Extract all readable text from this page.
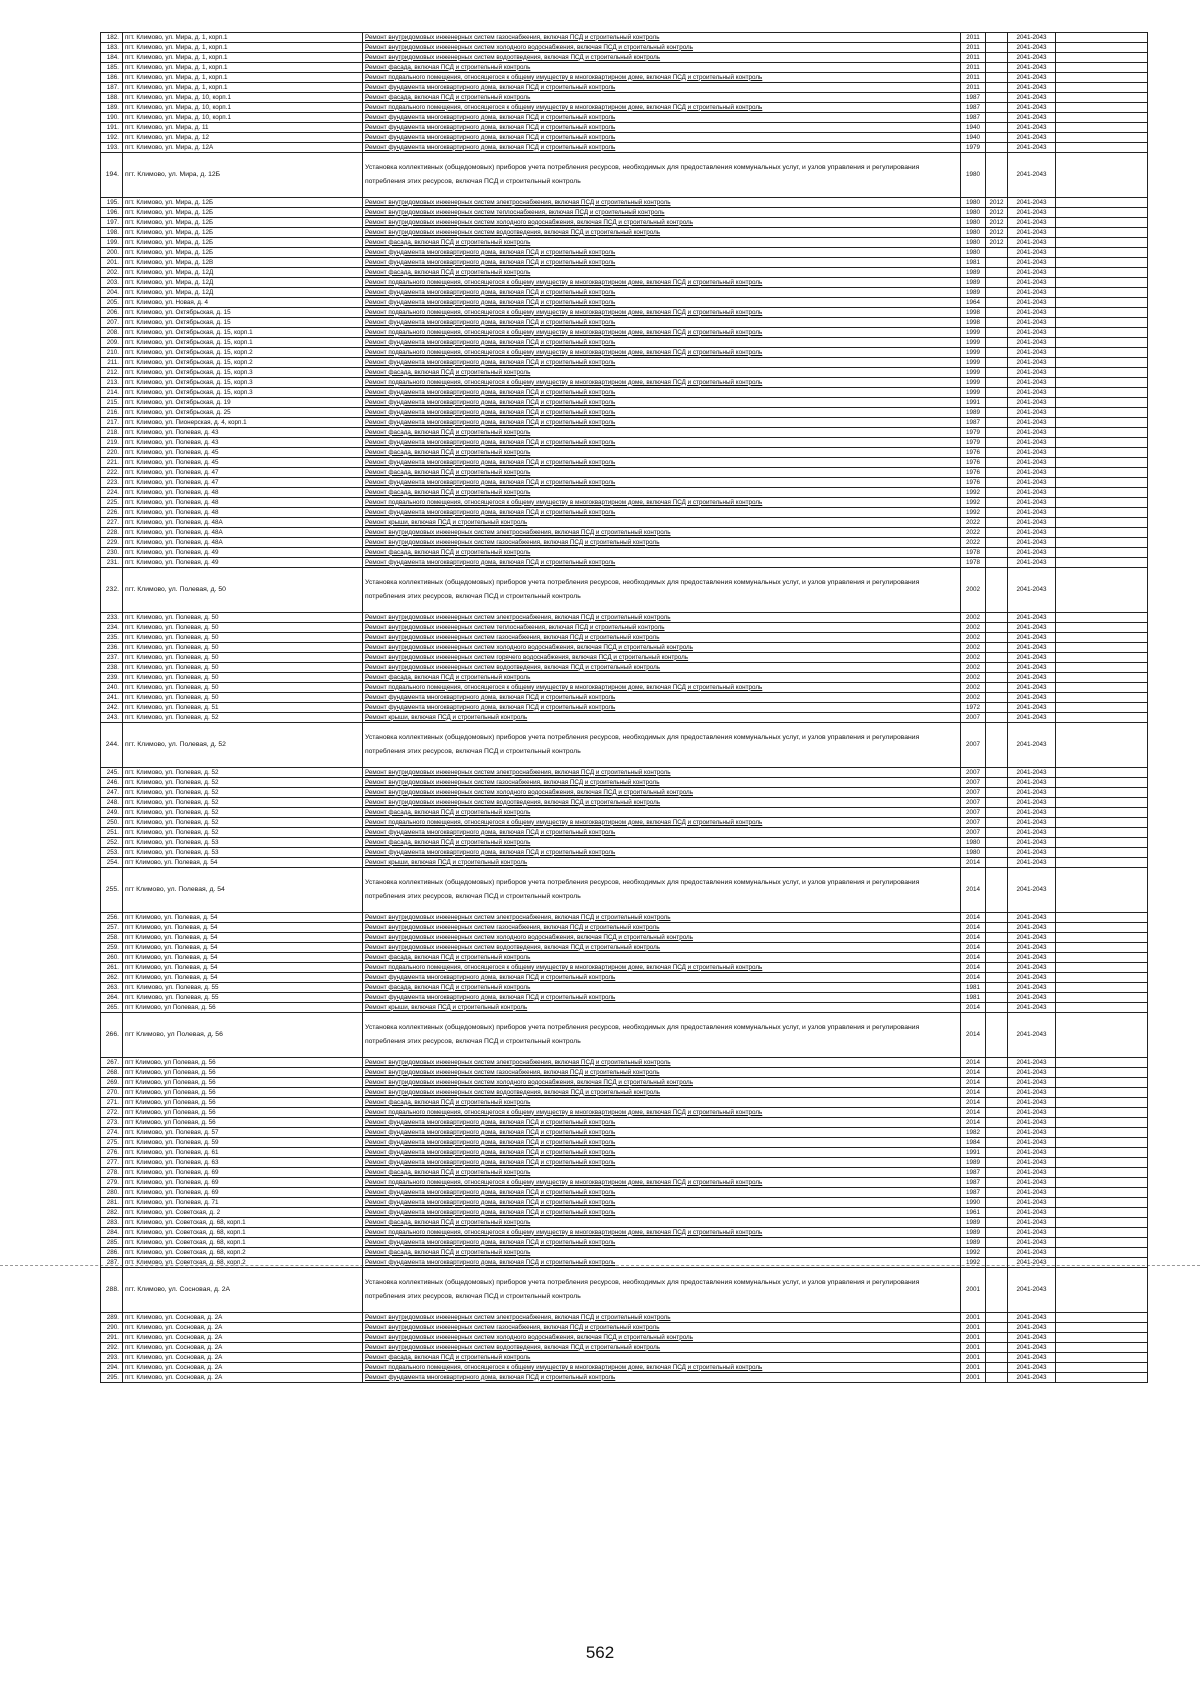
182.	пгт. Климово, ул. Мира, д. 1, корп.1	Ремонт внутридомовых инженерных систем газоснабжения, включая ПСД и строительный контроль	2011		2041-2043	
183.	пгт. Климово, ул. Мира, д. 1, корп.1	Ремонт внутридомовых инженерных систем холодного водоснабжения, включая ПСД и строительный контроль	2011		2041-2043	
184.	пгт. Климово, ул. Мира, д. 1, корп.1	Ремонт внутридомовых инженерных систем водоотведения, включая ПСД и строительный контроль	2011		2041-2043	
185.	пгт. Климово, ул. Мира, д. 1, корп.1	Ремонт фасада, включая ПСД и строительный контроль	2011		2041-2043	
186.	пгт. Климово, ул. Мира, д. 1, корп.1	Ремонт подвального помещения, относящегося к общему имуществу в многоквартирном доме, включая ПСД и строительный контроль	2011		2041-2043	
187.	пгт. Климово, ул. Мира, д. 1, корп.1	Ремонт фундамента многоквартирного дома, включая ПСД и строительный контроль	2011		2041-2043	
188.	пгт. Климово, ул. Мира, д. 10, корп.1	Ремонт фасада, включая ПСД и строительный контроль	1987		2041-2043	
189.	пгт. Климово, ул. Мира, д. 10, корп.1	Ремонт подвального помещения, относящегося к общему имуществу в многоквартирном доме, включая ПСД и строительный контроль	1987		2041-2043	
190.	пгт. Климово, ул. Мира, д. 10, корп.1	Ремонт фундамента многоквартирного дома, включая ПСД и строительный контроль	1987		2041-2043	
191.	пгт. Климово, ул. Мира, д. 11	Ремонт фундамента многоквартирного дома, включая ПСД и строительный контроль	1940		2041-2043	
192.	пгт. Климово, ул. Мира, д. 12	Ремонт фундамента многоквартирного дома, включая ПСД и строительный контроль	1940		2041-2043	
193.	пгт. Климово, ул. Мира, д. 12А	Ремонт фундамента многоквартирного дома, включая ПСД и строительный контроль	1979		2041-2043	
194.	пгт. Климово, ул. Мира, д. 12Б	Установка коллективных (общедомовых) приборов учета потребления ресурсов, необходимых для предоставления коммунальных услуг, и узлов управления и регулирования потребления этих ресурсов, включая ПСД и строительный контроль	1980		2041-2043	
195.	пгт. Климово, ул. Мира, д. 12Б	Ремонт внутридомовых инженерных систем электроснабжения, включая ПСД и строительный контроль	1980	2012	2041-2043	
196.	пгт. Климово, ул. Мира, д. 12Б	Ремонт внутридомовых инженерных систем теплоснабжения, включая ПСД и строительный контроль	1980	2012	2041-2043	
197.	пгт. Климово, ул. Мира, д. 12Б	Ремонт внутридомовых инженерных систем холодного водоснабжения, включая ПСД и строительный контроль	1980	2012	2041-2043	
198.	пгт. Климово, ул. Мира, д. 12Б	Ремонт внутридомовых инженерных систем водоотведения, включая ПСД и строительный контроль	1980	2012	2041-2043	
199.	пгт. Климово, ул. Мира, д. 12Б	Ремонт фасада, включая ПСД и строительный контроль	1980	2012	2041-2043	
200.	пгт. Климово, ул. Мира, д. 12Б	Ремонт фундамента многоквартирного дома, включая ПСД и строительный контроль	1980		2041-2043	
201.	пгт. Климово, ул. Мира, д. 12В	Ремонт фундамента многоквартирного дома, включая ПСД и строительный контроль	1981		2041-2043	
202.	пгт. Климово, ул. Мира, д. 12Д	Ремонт фасада, включая ПСД и строительный контроль	1989		2041-2043	
203.	пгт. Климово, ул. Мира, д. 12Д	Ремонт подвального помещения, относящегося к общему имуществу в многоквартирном доме, включая ПСД и строительный контроль	1989		2041-2043	
204.	пгт. Климово, ул. Мира, д. 12Д	Ремонт фундамента многоквартирного дома, включая ПСД и строительный контроль	1989		2041-2043	
205.	пгт. Климово, ул. Новая, д. 4	Ремонт фундамента многоквартирного дома, включая ПСД и строительный контроль	1964		2041-2043	
206.	пгт. Климово, ул. Октябрьская, д. 15	Ремонт подвального помещения, относящегося к общему имуществу в многоквартирном доме, включая ПСД и строительный контроль	1998		2041-2043	
207.	пгт. Климово, ул. Октябрьская, д. 15	Ремонт фундамента многоквартирного дома, включая ПСД и строительный контроль	1998		2041-2043	
208.	пгт. Климово, ул. Октябрьская, д. 15, корп.1	Ремонт подвального помещения, относящегося к общему имуществу в многоквартирном доме, включая ПСД и строительный контроль	1999		2041-2043	
209.	пгт. Климово, ул. Октябрьская, д. 15, корп.1	Ремонт фундамента многоквартирного дома, включая ПСД и строительный контроль	1999		2041-2043	
210.	пгт. Климово, ул. Октябрьская, д. 15, корп.2	Ремонт подвального помещения, относящегося к общему имуществу в многоквартирном доме, включая ПСД и строительный контроль	1999		2041-2043	
211.	пгт. Климово, ул. Октябрьская, д. 15, корп.2	Ремонт фундамента многоквартирного дома, включая ПСД и строительный контроль	1999		2041-2043	
212.	пгт. Климово, ул. Октябрьская, д. 15, корп.3	Ремонт фасада, включая ПСД и строительный контроль	1999		2041-2043	
213.	пгт. Климово, ул. Октябрьская, д. 15, корп.3	Ремонт подвального помещения, относящегося к общему имуществу в многоквартирном доме, включая ПСД и строительный контроль	1999		2041-2043	
214.	пгт. Климово, ул. Октябрьская, д. 15, корп.3	Ремонт фундамента многоквартирного дома, включая ПСД и строительный контроль	1999		2041-2043	
215.	пгт. Климово, ул. Октябрьская, д. 19	Ремонт фундамента многоквартирного дома, включая ПСД и строительный контроль	1991		2041-2043	
216.	пгт. Климово, ул. Октябрьская, д. 25	Ремонт фундамента многоквартирного дома, включая ПСД и строительный контроль	1989		2041-2043	
217.	пгт. Климово, ул. Пионерская, д. 4, корп.1	Ремонт фундамента многоквартирного дома, включая ПСД и строительный контроль	1987		2041-2043	
218.	пгт. Климово, ул. Полевая, д. 43	Ремонт фасада, включая ПСД и строительный контроль	1979		2041-2043	
219.	пгт. Климово, ул. Полевая, д. 43	Ремонт фундамента многоквартирного дома, включая ПСД и строительный контроль	1979		2041-2043	
220.	пгт. Климово, ул. Полевая, д. 45	Ремонт фасада, включая ПСД и строительный контроль	1976		2041-2043	
221.	пгт. Климово, ул. Полевая, д. 45	Ремонт фундамента многоквартирного дома, включая ПСД и строительный контроль	1976		2041-2043	
222.	пгт. Климово, ул. Полевая, д. 47	Ремонт фасада, включая ПСД и строительный контроль	1976		2041-2043	
223.	пгт. Климово, ул. Полевая, д. 47	Ремонт фундамента многоквартирного дома, включая ПСД и строительный контроль	1976		2041-2043	
224.	пгт. Климово, ул. Полевая, д. 48	Ремонт фасада, включая ПСД и строительный контроль	1992		2041-2043	
225.	пгт. Климово, ул. Полевая, д. 48	Ремонт подвального помещения, относящегося к общему имуществу в многоквартирном доме, включая ПСД и строительный контроль	1992		2041-2043	
226.	пгт. Климово, ул. Полевая, д. 48	Ремонт фундамента многоквартирного дома, включая ПСД и строительный контроль	1992		2041-2043	
227.	пгт. Климово, ул. Полевая, д. 48А	Ремонт крыши, включая ПСД и строительный контроль	2022		2041-2043	
228.	пгт. Климово, ул. Полевая, д. 48А	Ремонт внутридомовых инженерных систем электроснабжения, включая ПСД и строительный контроль	2022		2041-2043	
229.	пгт. Климово, ул. Полевая, д. 48А	Ремонт внутридомовых инженерных систем газоснабжения, включая ПСД и строительный контроль	2022		2041-2043	
230.	пгт. Климово, ул. Полевая, д. 49	Ремонт фасада, включая ПСД и строительный контроль	1978		2041-2043	
231.	пгт. Климово, ул. Полевая, д. 49	Ремонт фундамента многоквартирного дома, включая ПСД и строительный контроль	1978		2041-2043	
232.	пгт. Климово, ул. Полевая, д. 50	Установка коллективных (общедомовых) приборов учета потребления ресурсов, необходимых для предоставления коммунальных услуг, и узлов управления и регулирования потребления этих ресурсов, включая ПСД и строительный контроль	2002		2041-2043	
233.	пгт. Климово, ул. Полевая, д. 50	Ремонт внутридомовых инженерных систем электроснабжения, включая ПСД и строительный контроль	2002		2041-2043	
234.	пгт. Климово, ул. Полевая, д. 50	Ремонт внутридомовых инженерных систем теплоснабжения, включая ПСД и строительный контроль	2002		2041-2043	
235.	пгт. Климово, ул. Полевая, д. 50	Ремонт внутридомовых инженерных систем газоснабжения, включая ПСД и строительный контроль	2002		2041-2043	
236.	пгт. Климово, ул. Полевая, д. 50	Ремонт внутридомовых инженерных систем холодного водоснабжения, включая ПСД и строительный контроль	2002		2041-2043	
237.	пгт. Климово, ул. Полевая, д. 50	Ремонт внутридомовых инженерных систем горячего водоснабжения, включая ПСД и строительный контроль	2002		2041-2043	
238.	пгт. Климово, ул. Полевая, д. 50	Ремонт внутридомовых инженерных систем водоотведения, включая ПСД и строительный контроль	2002		2041-2043	
239.	пгт. Климово, ул. Полевая, д. 50	Ремонт фасада, включая ПСД и строительный контроль	2002		2041-2043	
240.	пгт. Климово, ул. Полевая, д. 50	Ремонт подвального помещения, относящегося к общему имуществу в многоквартирном доме, включая ПСД и строительный контроль	2002		2041-2043	
241.	пгт. Климово, ул. Полевая, д. 50	Ремонт фундамента многоквартирного дома, включая ПСД и строительный контроль	2002		2041-2043	
242.	пгт. Климово, ул. Полевая, д. 51	Ремонт фундамента многоквартирного дома, включая ПСД и строительный контроль	1972		2041-2043	
243.	пгт. Климово, ул. Полевая, д. 52	Ремонт крыши, включая ПСД и строительный контроль	2007		2041-2043	
244.	пгт. Климово, ул. Полевая, д. 52	Установка коллективных (общедомовых) приборов учета потребления ресурсов, необходимых для предоставления коммунальных услуг, и узлов управления и регулирования потребления этих ресурсов, включая ПСД и строительный контроль	2007		2041-2043	
245.	пгт. Климово, ул. Полевая, д. 52	Ремонт внутридомовых инженерных систем электроснабжения, включая ПСД и строительный контроль	2007		2041-2043	
246.	пгт. Климово, ул. Полевая, д. 52	Ремонт внутридомовых инженерных систем газоснабжения, включая ПСД и строительный контроль	2007		2041-2043	
247.	пгт. Климово, ул. Полевая, д. 52	Ремонт внутридомовых инженерных систем холодного водоснабжения, включая ПСД и строительный контроль	2007		2041-2043	
248.	пгт. Климово, ул. Полевая, д. 52	Ремонт внутридомовых инженерных систем водоотведения, включая ПСД и строительный контроль	2007		2041-2043	
249.	пгт. Климово, ул. Полевая, д. 52	Ремонт фасада, включая ПСД и строительный контроль	2007		2041-2043	
250.	пгт. Климово, ул. Полевая, д. 52	Ремонт подвального помещения, относящегося к общему имуществу в многоквартирном доме, включая ПСД и строительный контроль	2007		2041-2043	
251.	пгт. Климово, ул. Полевая, д. 52	Ремонт фундамента многоквартирного дома, включая ПСД и строительный контроль	2007		2041-2043	
252.	пгт. Климово, ул. Полевая, д. 53	Ремонт фасада, включая ПСД и строительный контроль	1980		2041-2043	
253.	пгт. Климово, ул. Полевая, д. 53	Ремонт фундамента многоквартирного дома, включая ПСД и строительный контроль	1980		2041-2043	
254.	пгт Климово, ул. Полевая, д. 54	Ремонт крыши, включая ПСД и строительный контроль	2014		2041-2043	
255.	пгт Климово, ул. Полевая, д. 54	Установка коллективных (общедомовых) приборов учета потребления ресурсов, необходимых для предоставления коммунальных услуг, и узлов управления и регулирования потребления этих ресурсов, включая ПСД и строительный контроль	2014		2041-2043	
256.	пгт Климово, ул. Полевая, д. 54	Ремонт внутридомовых инженерных систем электроснабжения, включая ПСД и строительный контроль	2014		2041-2043	
257.	пгт Климово, ул. Полевая, д. 54	Ремонт внутридомовых инженерных систем газоснабжения, включая ПСД и строительный контроль	2014		2041-2043	
258.	пгт Климово, ул. Полевая, д. 54	Ремонт внутридомовых инженерных систем холодного водоснабжения, включая ПСД и строительный контроль	2014		2041-2043	
259.	пгт Климово, ул. Полевая, д. 54	Ремонт внутридомовых инженерных систем водоотведения, включая ПСД и строительный контроль	2014		2041-2043	
260.	пгт Климово, ул. Полевая, д. 54	Ремонт фасада, включая ПСД и строительный контроль	2014		2041-2043	
261.	пгт Климово, ул. Полевая, д. 54	Ремонт подвального помещения, относящегося к общему имуществу в многоквартирном доме, включая ПСД и строительный контроль	2014		2041-2043	
262.	пгт Климово, ул. Полевая, д. 54	Ремонт фундамента многоквартирного дома, включая ПСД и строительный контроль	2014		2041-2043	
263.	пгт. Климово, ул. Полевая, д. 55	Ремонт фасада, включая ПСД и строительный контроль	1981		2041-2043	
264.	пгт. Климово, ул. Полевая, д. 55	Ремонт фундамента многоквартирного дома, включая ПСД и строительный контроль	1981		2041-2043	
265.	пгт Климово, ул Полевая, д. 56	Ремонт крыши, включая ПСД и строительный контроль	2014		2041-2043	
266.	пгт Климово, ул Полевая, д. 56	Установка коллективных (общедомовых) приборов учета потребления ресурсов, необходимых для предоставления коммунальных услуг, и узлов управления и регулирования потребления этих ресурсов, включая ПСД и строительный контроль	2014		2041-2043	
267.	пгт Климово, ул Полевая, д. 56	Ремонт внутридомовых инженерных систем электроснабжения, включая ПСД и строительный контроль	2014		2041-2043	
268.	пгт Климово, ул Полевая, д. 56	Ремонт внутридомовых инженерных систем газоснабжения, включая ПСД и строительный контроль	2014		2041-2043	
269.	пгт Климово, ул Полевая, д. 56	Ремонт внутридомовых инженерных систем холодного водоснабжения, включая ПСД и строительный контроль	2014		2041-2043	
270.	пгт Климово, ул Полевая, д. 56	Ремонт внутридомовых инженерных систем водоотведения, включая ПСД и строительный контроль	2014		2041-2043	
271.	пгт Климово, ул Полевая, д. 56	Ремонт фасада, включая ПСД и строительный контроль	2014		2041-2043	
272.	пгт Климово, ул Полевая, д. 56	Ремонт подвального помещения, относящегося к общему имуществу в многоквартирном доме, включая ПСД и строительный контроль	2014		2041-2043	
273.	пгт Климово, ул Полевая, д. 56	Ремонт фундамента многоквартирного дома, включая ПСД и строительный контроль	2014		2041-2043	
274.	пгт. Климово, ул. Полевая, д. 57	Ремонт фундамента многоквартирного дома, включая ПСД и строительный контроль	1982		2041-2043	
275.	пгт. Климово, ул. Полевая, д. 59	Ремонт фундамента многоквартирного дома, включая ПСД и строительный контроль	1984		2041-2043	
276.	пгт. Климово, ул. Полевая, д. 61	Ремонт фундамента многоквартирного дома, включая ПСД и строительный контроль	1991		2041-2043	
277.	пгт. Климово, ул. Полевая, д. 63	Ремонт фундамента многоквартирного дома, включая ПСД и строительный контроль	1989		2041-2043	
278.	пгт. Климово, ул. Полевая, д. 69	Ремонт фасада, включая ПСД и строительный контроль	1987		2041-2043	
279.	пгт. Климово, ул. Полевая, д. 69	Ремонт подвального помещения, относящегося к общему имуществу в многоквартирном доме, включая ПСД и строительный контроль	1987		2041-2043	
280.	пгт. Климово, ул. Полевая, д. 69	Ремонт фундамента многоквартирного дома, включая ПСД и строительный контроль	1987		2041-2043	
281.	пгт. Климово, ул. Полевая, д. 71	Ремонт фундамента многоквартирного дома, включая ПСД и строительный контроль	1990		2041-2043	
282.	пгт. Климово, ул. Советская, д. 2	Ремонт фундамента многоквартирного дома, включая ПСД и строительный контроль	1961		2041-2043	
283.	пгт. Климово, ул. Советская, д. 68, корп.1	Ремонт фасада, включая ПСД и строительный контроль	1989		2041-2043	
284.	пгт. Климово, ул. Советская, д. 68, корп.1	Ремонт подвального помещения, относящегося к общему имуществу в многоквартирном доме, включая ПСД и строительный контроль	1989		2041-2043	
285.	пгт. Климово, ул. Советская, д. 68, корп.1	Ремонт фундамента многоквартирного дома, включая ПСД и строительный контроль	1989		2041-2043	
286.	пгт. Климово, ул. Советская, д. 68, корп.2	Ремонт фасада, включая ПСД и строительный контроль	1992		2041-2043	
287.	пгт. Климово, ул. Советская, д. 68, корп.2	Ремонт фундамента многоквартирного дома, включая ПСД и строительный контроль	1992		2041-2043	
288.	пгт. Климово, ул. Сосновая, д. 2А	Установка коллективных (общедомовых) приборов учета потребления ресурсов, необходимых для предоставления коммунальных услуг, и узлов управления и регулирования потребления этих ресурсов, включая ПСД и строительный контроль	2001		2041-2043	
289.	пгт. Климово, ул. Сосновая, д. 2А	Ремонт внутридомовых инженерных систем электроснабжения, включая ПСД и строительный контроль	2001		2041-2043	
290.	пгт. Климово, ул. Сосновая, д. 2А	Ремонт внутридомовых инженерных систем газоснабжения, включая ПСД и строительный контроль	2001		2041-2043	
291.	пгт. Климово, ул. Сосновая, д. 2А	Ремонт внутридомовых инженерных систем холодного водоснабжения, включая ПСД и строительный контроль	2001		2041-2043	
292.	пгт. Климово, ул. Сосновая, д. 2А	Ремонт внутридомовых инженерных систем водоотведения, включая ПСД и строительный контроль	2001		2041-2043	
293.	пгт. Климово, ул. Сосновая, д. 2А	Ремонт фасада, включая ПСД и строительный контроль	2001		2041-2043	
294.	пгт. Климово, ул. Сосновая, д. 2А	Ремонт подвального помещения, относящегося к общему имуществу в многоквартирном доме, включая ПСД и строительный контроль	2001		2041-2043	
295.	пгт. Климово, ул. Сосновая, д. 2А	Ремонт фундамента многоквартирного дома, включая ПСД и строительный контроль	2001		2041-2043	
562
